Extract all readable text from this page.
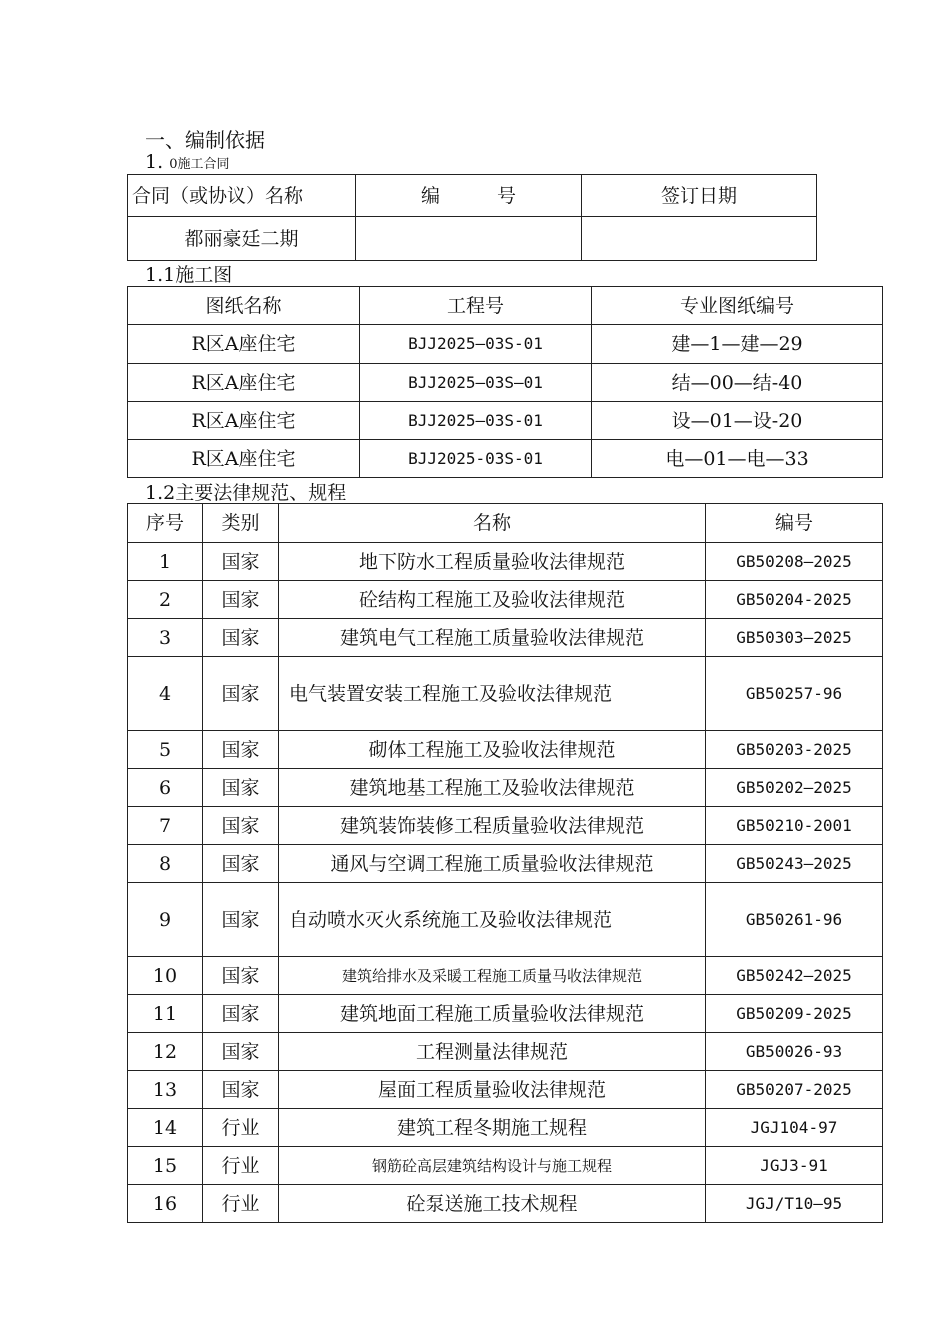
一、编制依据
1. 0施工合同
合同（或协议）名称	编　　　号	签订日期
都丽豪廷二期		
1.1施工图
图纸名称	工程号	专业图纸编号
R区A座住宅	BJJ2025—03S-01	建—1—建—29
R区A座住宅	BJJ2025—03S—01	结—00—结-40
R区A座住宅	BJJ2025—03S-01	设—01—设-20
R区A座住宅	BJJ2025-03S-01	电—01—电—33
1.2主要法律规范、规程
序号	类别	名称	编号
1	国家	地下防水工程质量验收法律规范	GB50208—2025
2	国家	砼结构工程施工及验收法律规范	GB50204-2025
3	国家	建筑电气工程施工质量验收法律规范	GB50303—2025
4	国家	电气装置安装工程施工及验收法律规范	GB50257-96
5	国家	砌体工程施工及验收法律规范	GB50203-2025
6	国家	建筑地基工程施工及验收法律规范	GB50202—2025
7	国家	建筑装饰装修工程质量验收法律规范	GB50210-2001
8	国家	通风与空调工程施工质量验收法律规范	GB50243—2025
9	国家	自动喷水灭火系统施工及验收法律规范	GB50261-96
10	国家	建筑给排水及采暖工程施工质量马收法律规范	GB50242—2025
11	国家	建筑地面工程施工质量验收法律规范	GB50209-2025
12	国家	工程测量法律规范	GB50026-93
13	国家	屋面工程质量验收法律规范	GB50207-2025
14	行业	建筑工程冬期施工规程	JGJ104-97
15	行业	钢筋砼高层建筑结构设计与施工规程	JGJ3-91
16	行业	砼泵送施工技术规程	JGJ/T10—95
